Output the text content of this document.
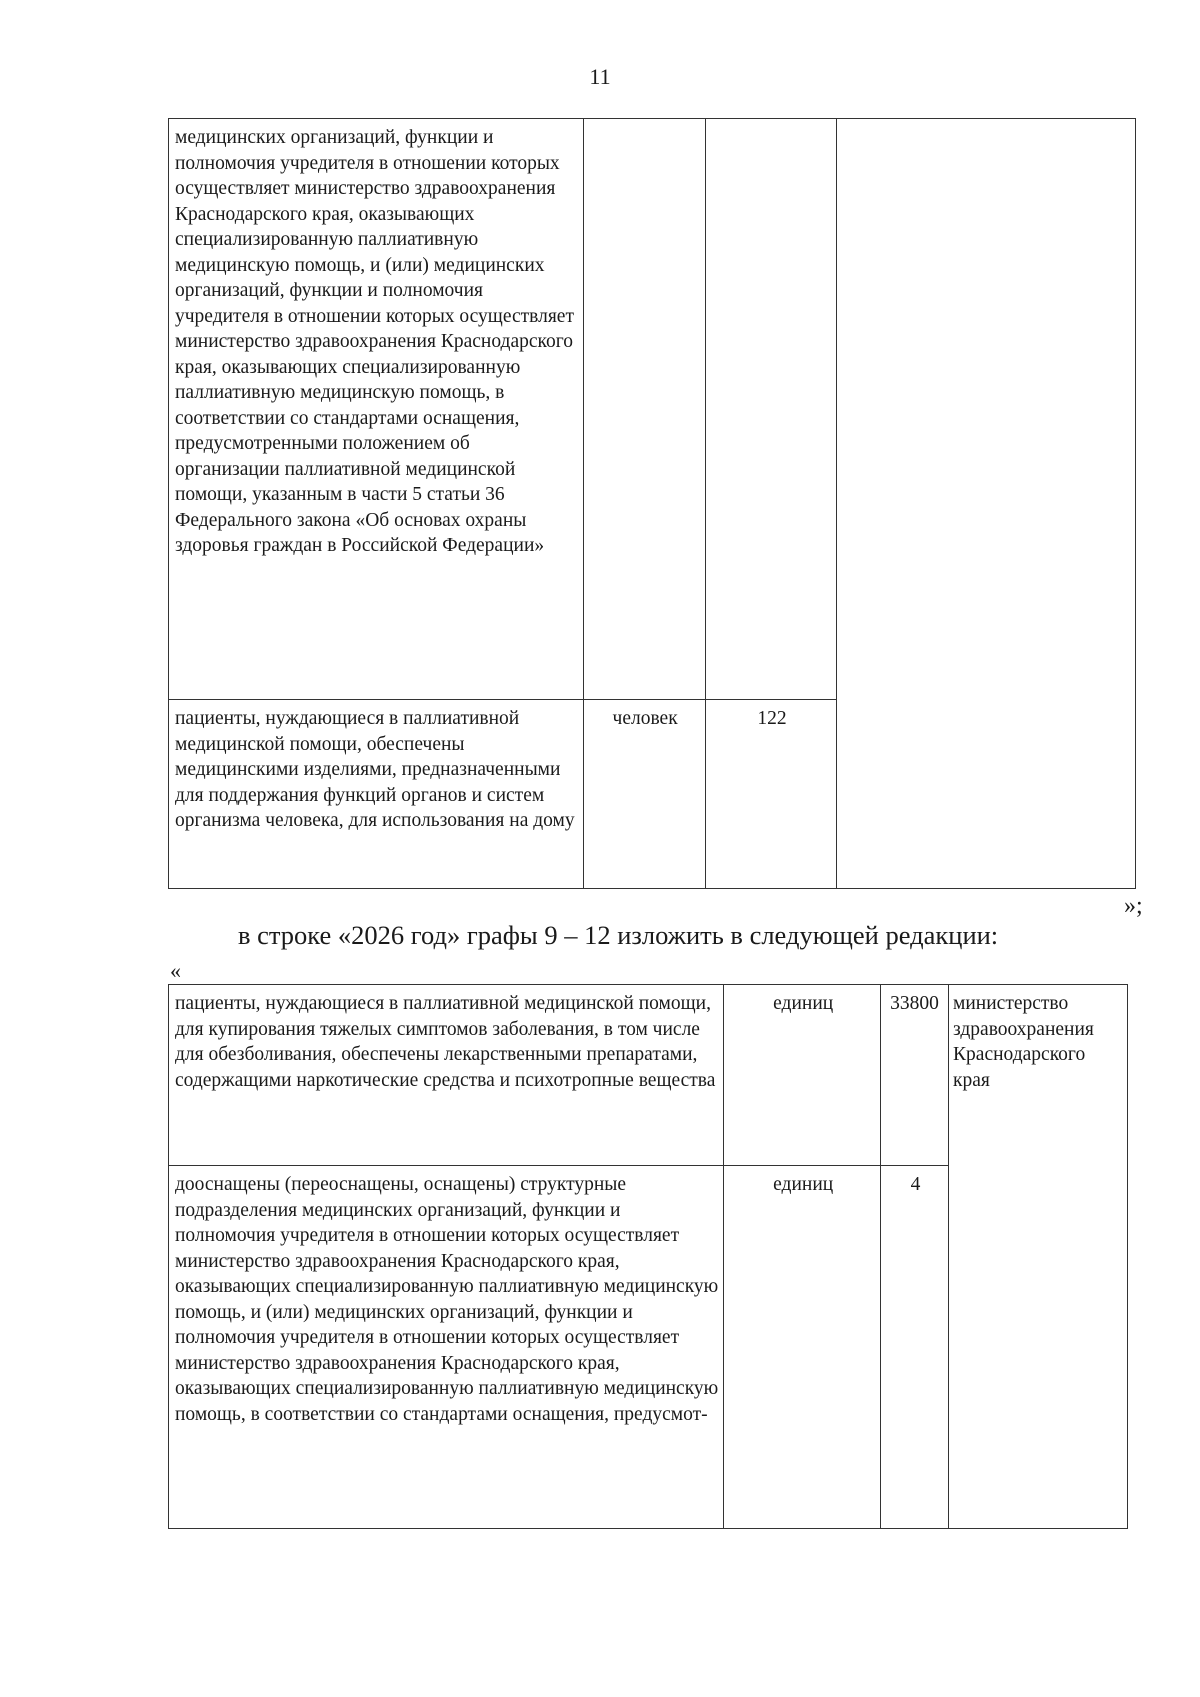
11
медицинских организаций, функции и полномочия учредителя в отношении которых осуществляет министерство здравоохранения Краснодарского края, оказывающих специализированную паллиативную медицинскую помощь, и (или) медицинских организаций, функции и полномочия учредителя в отношении которых осуществляет министерство здравоохранения Краснодарского края, оказывающих специализированную паллиативную медицинскую помощь, в соответствии со стандартами оснащения, предусмотренными положением об организации паллиативной медицинской помощи, указанным в части 5 статьи 36 Федерального закона «Об основах охраны здоровья граждан в Российской Федерации»			
пациенты, нуждающиеся в паллиативной медицинской помощи, обеспечены медицинскими изделиями, предназначенными для поддержания функций органов и систем организма человека, для использования на дому	человек	122	
»;
в строке «2026 год» графы 9 – 12 изложить в следующей редакции:
«
пациенты, нуждающиеся в паллиативной медицинской помощи, для купирования тяжелых симптомов заболевания, в том числе для обезболивания, обеспечены лекарственными препаратами, содержащими наркотические средства и психотропные вещества	единиц	33800	министерство здравоохранения Краснодарского края
дооснащены (переоснащены, оснащены) структурные подразделения медицинских организаций, функции и полномочия учредителя в отношении которых осуществляет министерство здравоохранения Краснодарского края, оказывающих специализированную паллиативную медицинскую помощь, и (или) медицинских организаций, функции и полномочия учредителя в отношении которых осуществляет министерство здравоохранения Краснодарского края, оказывающих специализированную паллиативную медицинскую помощь, в соответствии со стандартами оснащения, предусмот-	единиц	4	
